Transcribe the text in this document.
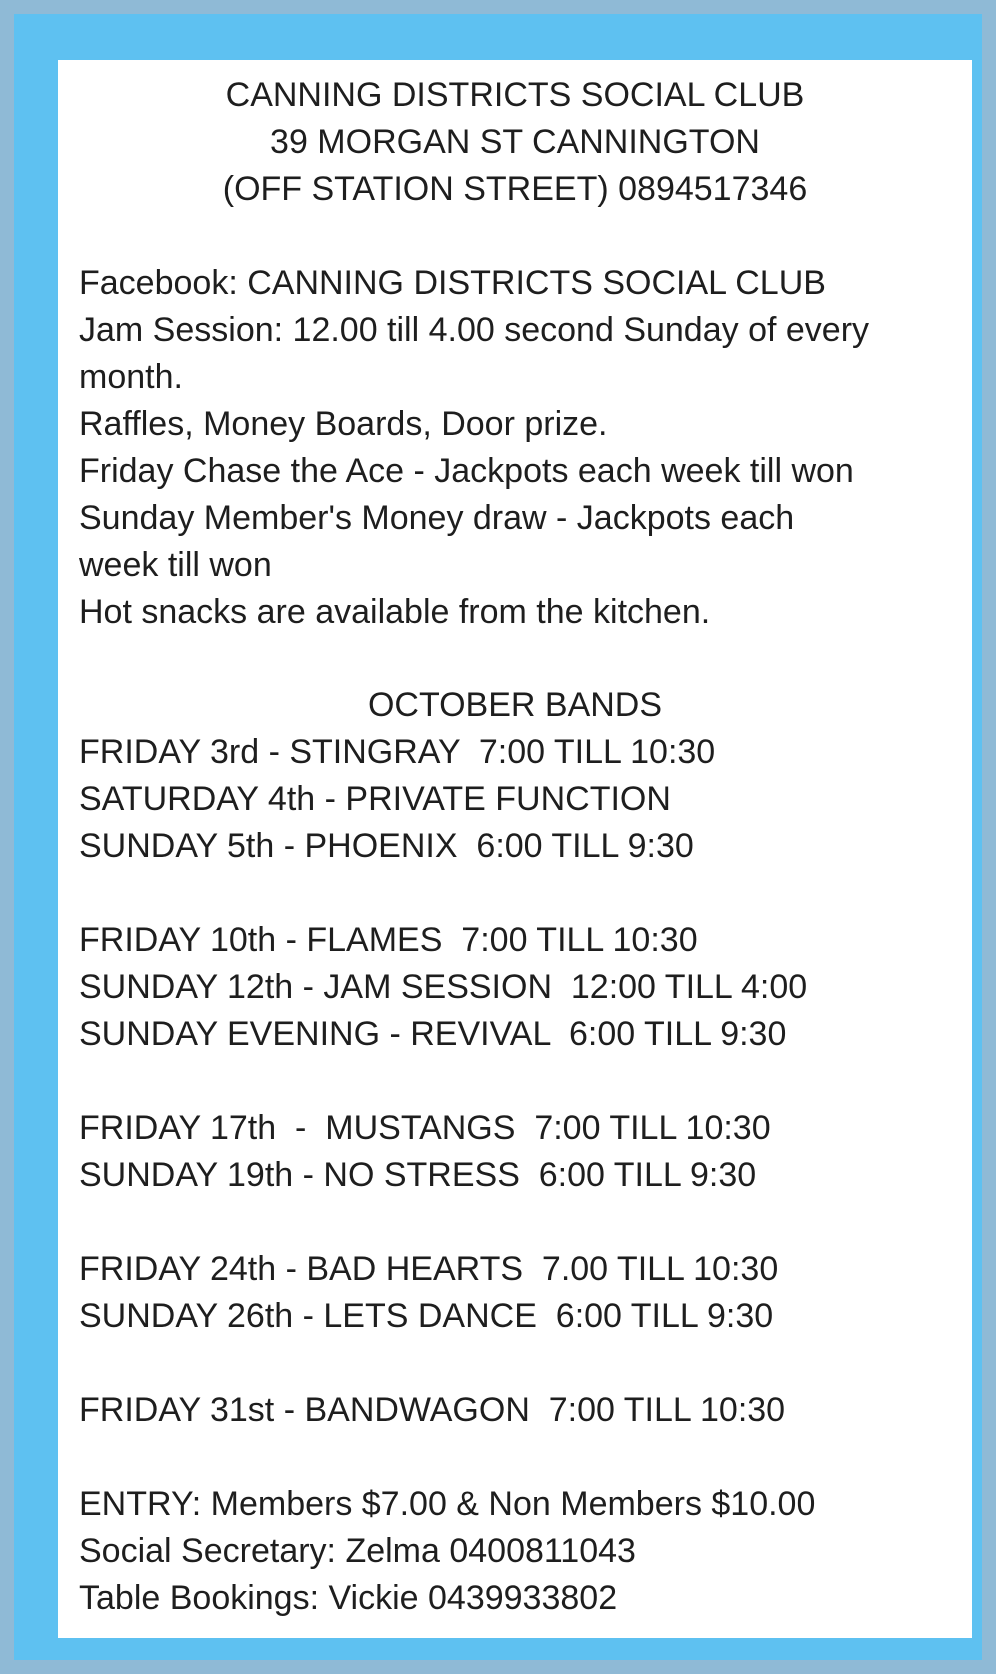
CANNING DISTRICTS SOCIAL CLUB
39 MORGAN ST CANNINGTON
(OFF STATION STREET) 0894517346
Facebook: CANNING DISTRICTS SOCIAL CLUB
Jam Session: 12.00 till 4.00 second Sunday of every
month.
Raffles, Money Boards, Door prize.
Friday Chase the Ace - Jackpots each week till won
Sunday Member's Money draw - Jackpots each
week till won
Hot snacks are available from the kitchen.
OCTOBER BANDS
FRIDAY 3rd - STINGRAY  7:00 TILL 10:30
SATURDAY 4th - PRIVATE FUNCTION
SUNDAY 5th - PHOENIX  6:00 TILL 9:30
FRIDAY 10th - FLAMES  7:00 TILL 10:30
SUNDAY 12th - JAM SESSION  12:00 TILL 4:00
SUNDAY EVENING - REVIVAL  6:00 TILL 9:30
FRIDAY 17th  -  MUSTANGS  7:00 TILL 10:30
SUNDAY 19th - NO STRESS  6:00 TILL 9:30
FRIDAY 24th - BAD HEARTS  7.00 TILL 10:30
SUNDAY 26th - LETS DANCE  6:00 TILL 9:30
FRIDAY 31st - BANDWAGON  7:00 TILL 10:30
ENTRY: Members $7.00 & Non Members $10.00
Social Secretary: Zelma 0400811043
Table Bookings: Vickie 0439933802
